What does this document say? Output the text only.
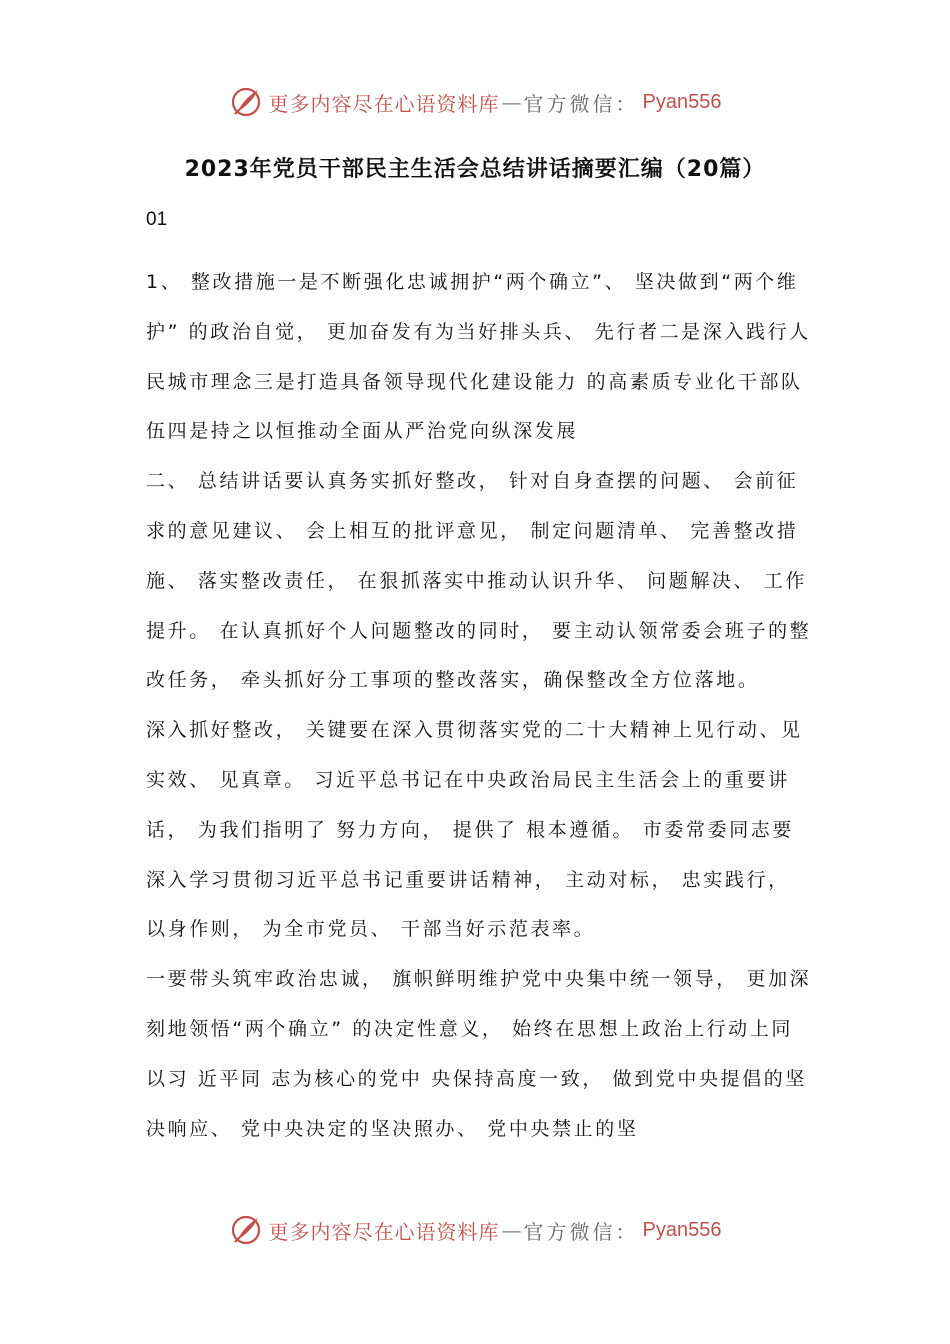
更多内容尽在心语资料库 — 官方微信： Pyan556
2023年党员干部民主生活会总结讲话摘要汇编（20篇）
01

1、 整改措施一是不断强化忠诚拥护“两个确立”、 坚决做到“两个维护” 的政治自觉， 更加奋发有为当好排头兵、 先行者二是深入践行人民城市理念三是打造具备领导现代化建设能力 的高素质专业化干部队伍四是持之以恒推动全面从严治党向纵深发展

二、 总结讲话要认真务实抓好整改， 针对自身查摆的问题、 会前征求的意见建议、 会上相互的批评意见， 制定问题清单、 完善整改措施、 落实整改责任， 在狠抓落实中推动认识升华、 问题解决、 工作提升。 在认真抓好个人问题整改的同时， 要主动认领常委会班子的整改任务， 牵头抓好分工事项的整改落实，确保整改全方位落地。

深入抓好整改， 关键要在深入贯彻落实党的二十大精神上见行动、见实效、 见真章。 习近平总书记在中央政治局民主生活会上的重要讲话， 为我们指明了 努力方向， 提供了 根本遵循。 市委常委同志要深入学习贯彻习近平总书记重要讲话精神， 主动对标， 忠实践行， 以身作则， 为全市党员、 干部当好示范表率。

一要带头筑牢政治忠诚， 旗帜鲜明维护党中央集中统一领导， 更加深刻地领悟“两个确立” 的决定性意义， 始终在思想上政治上行动上同 以习 近平同 志为核心的党中 央保持高度一致， 做到党中央提倡的坚决响应、 党中央决定的坚决照办、 党中央禁止的坚

更多内容尽在心语资料库 — 官方微信： Pyan556
